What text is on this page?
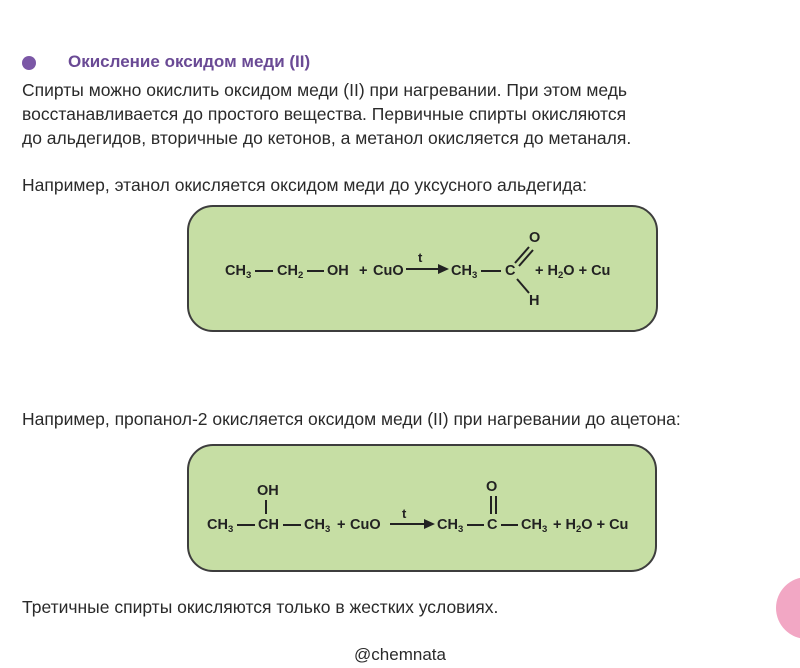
Окисление оксидом меди (II)
Спирты можно окислить оксидом меди (II) при нагревании. При этом медь
восстанавливается до простого вещества. Первичные спирты окисляются
до альдегидов, вторичные до кетонов, а метанол окисляется до метаналя.
Например, этанол окисляется оксидом меди до уксусного альдегида:
$CH_3$ $CH_2$ OH + CuO
t
$CH_3$ C
O
H
+ $H_2O + Cu$
Например, пропанол-2 окисляется оксидом меди (II) при нагревании до ацетона:
OH
$CH_3$ CH $CH_3$ + CuO
t
$CH_3$ C
O
$CH_3 + H_2O + Cu$
Третичные спирты окисляются только в жестких условиях.
@chemnata
